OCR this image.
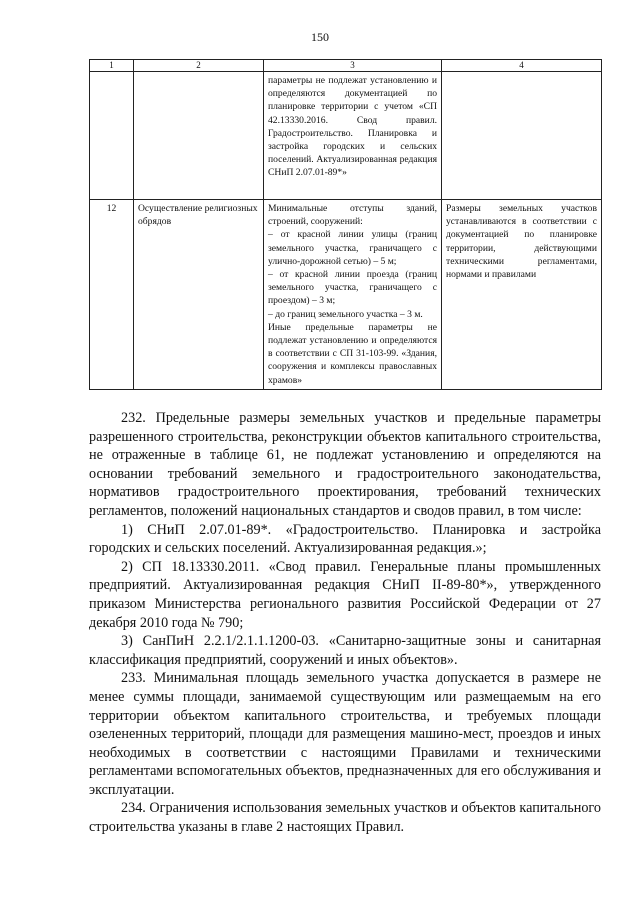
150
1	2	3	4

		параметры не подлежат установлению и определяются документацией по планировке территории с учетом «СП 42.13330.2016. Свод правил. Градостроительство. Планировка и застройка городских и сельских поселений. Актуализированная редакция СНиП 2.07.01-89*»	

12	Осуществление религиозных обрядов	Минимальные отступы зданий, строений, сооружений:
– от красной линии улицы (границ земельного участка, граничащего с улично-дорожной сетью) – 5 м;
– от красной линии проезда (границ земельного участка, граничащего с проездом) – 3 м;
– до границ земельного участка – 3 м.
Иные предельные параметры не подлежат установлению и определяются в соответствии с СП 31-103-99. «Здания, сооружения и комплексы православных храмов»	Размеры земельных участков устанавливаются в соответствии с документацией по планировке территории, действующими техническими регламентами, нормами и правилами

232. Предельные размеры земельных участков и предельные параметры разрешенного строительства, реконструкции объектов капитального строительства, не отраженные в таблице 61, не подлежат установлению и определяются на основании требований земельного и градостроительного законодательства, нормативов градостроительного проектирования, требований технических регламентов, положений национальных стандартов и сводов правил, в том числе:

1) СНиП 2.07.01-89*. «Градостроительство. Планировка и застройка городских и сельских поселений. Актуализированная редакция.»;

2) СП 18.13330.2011. «Свод правил. Генеральные планы промышленных предприятий. Актуализированная редакция СНиП II-89-80*», утвержденного приказом Министерства регионального развития Российской Федерации от 27 декабря 2010 года № 790;

3) СанПиН 2.2.1/2.1.1.1200-03. «Санитарно-защитные зоны и санитарная классификация предприятий, сооружений и иных объектов».

233. Минимальная площадь земельного участка допускается в размере не менее суммы площади, занимаемой существующим или размещаемым на его территории объектом капитального строительства, и требуемых площади озелененных территорий, площади для размещения машино-мест, проездов и иных необходимых в соответствии с настоящими Правилами и техническими регламентами вспомогательных объектов, предназначенных для его обслуживания и эксплуатации.

234. Ограничения использования земельных участков и объектов капитального строительства указаны в главе 2 настоящих Правил.
